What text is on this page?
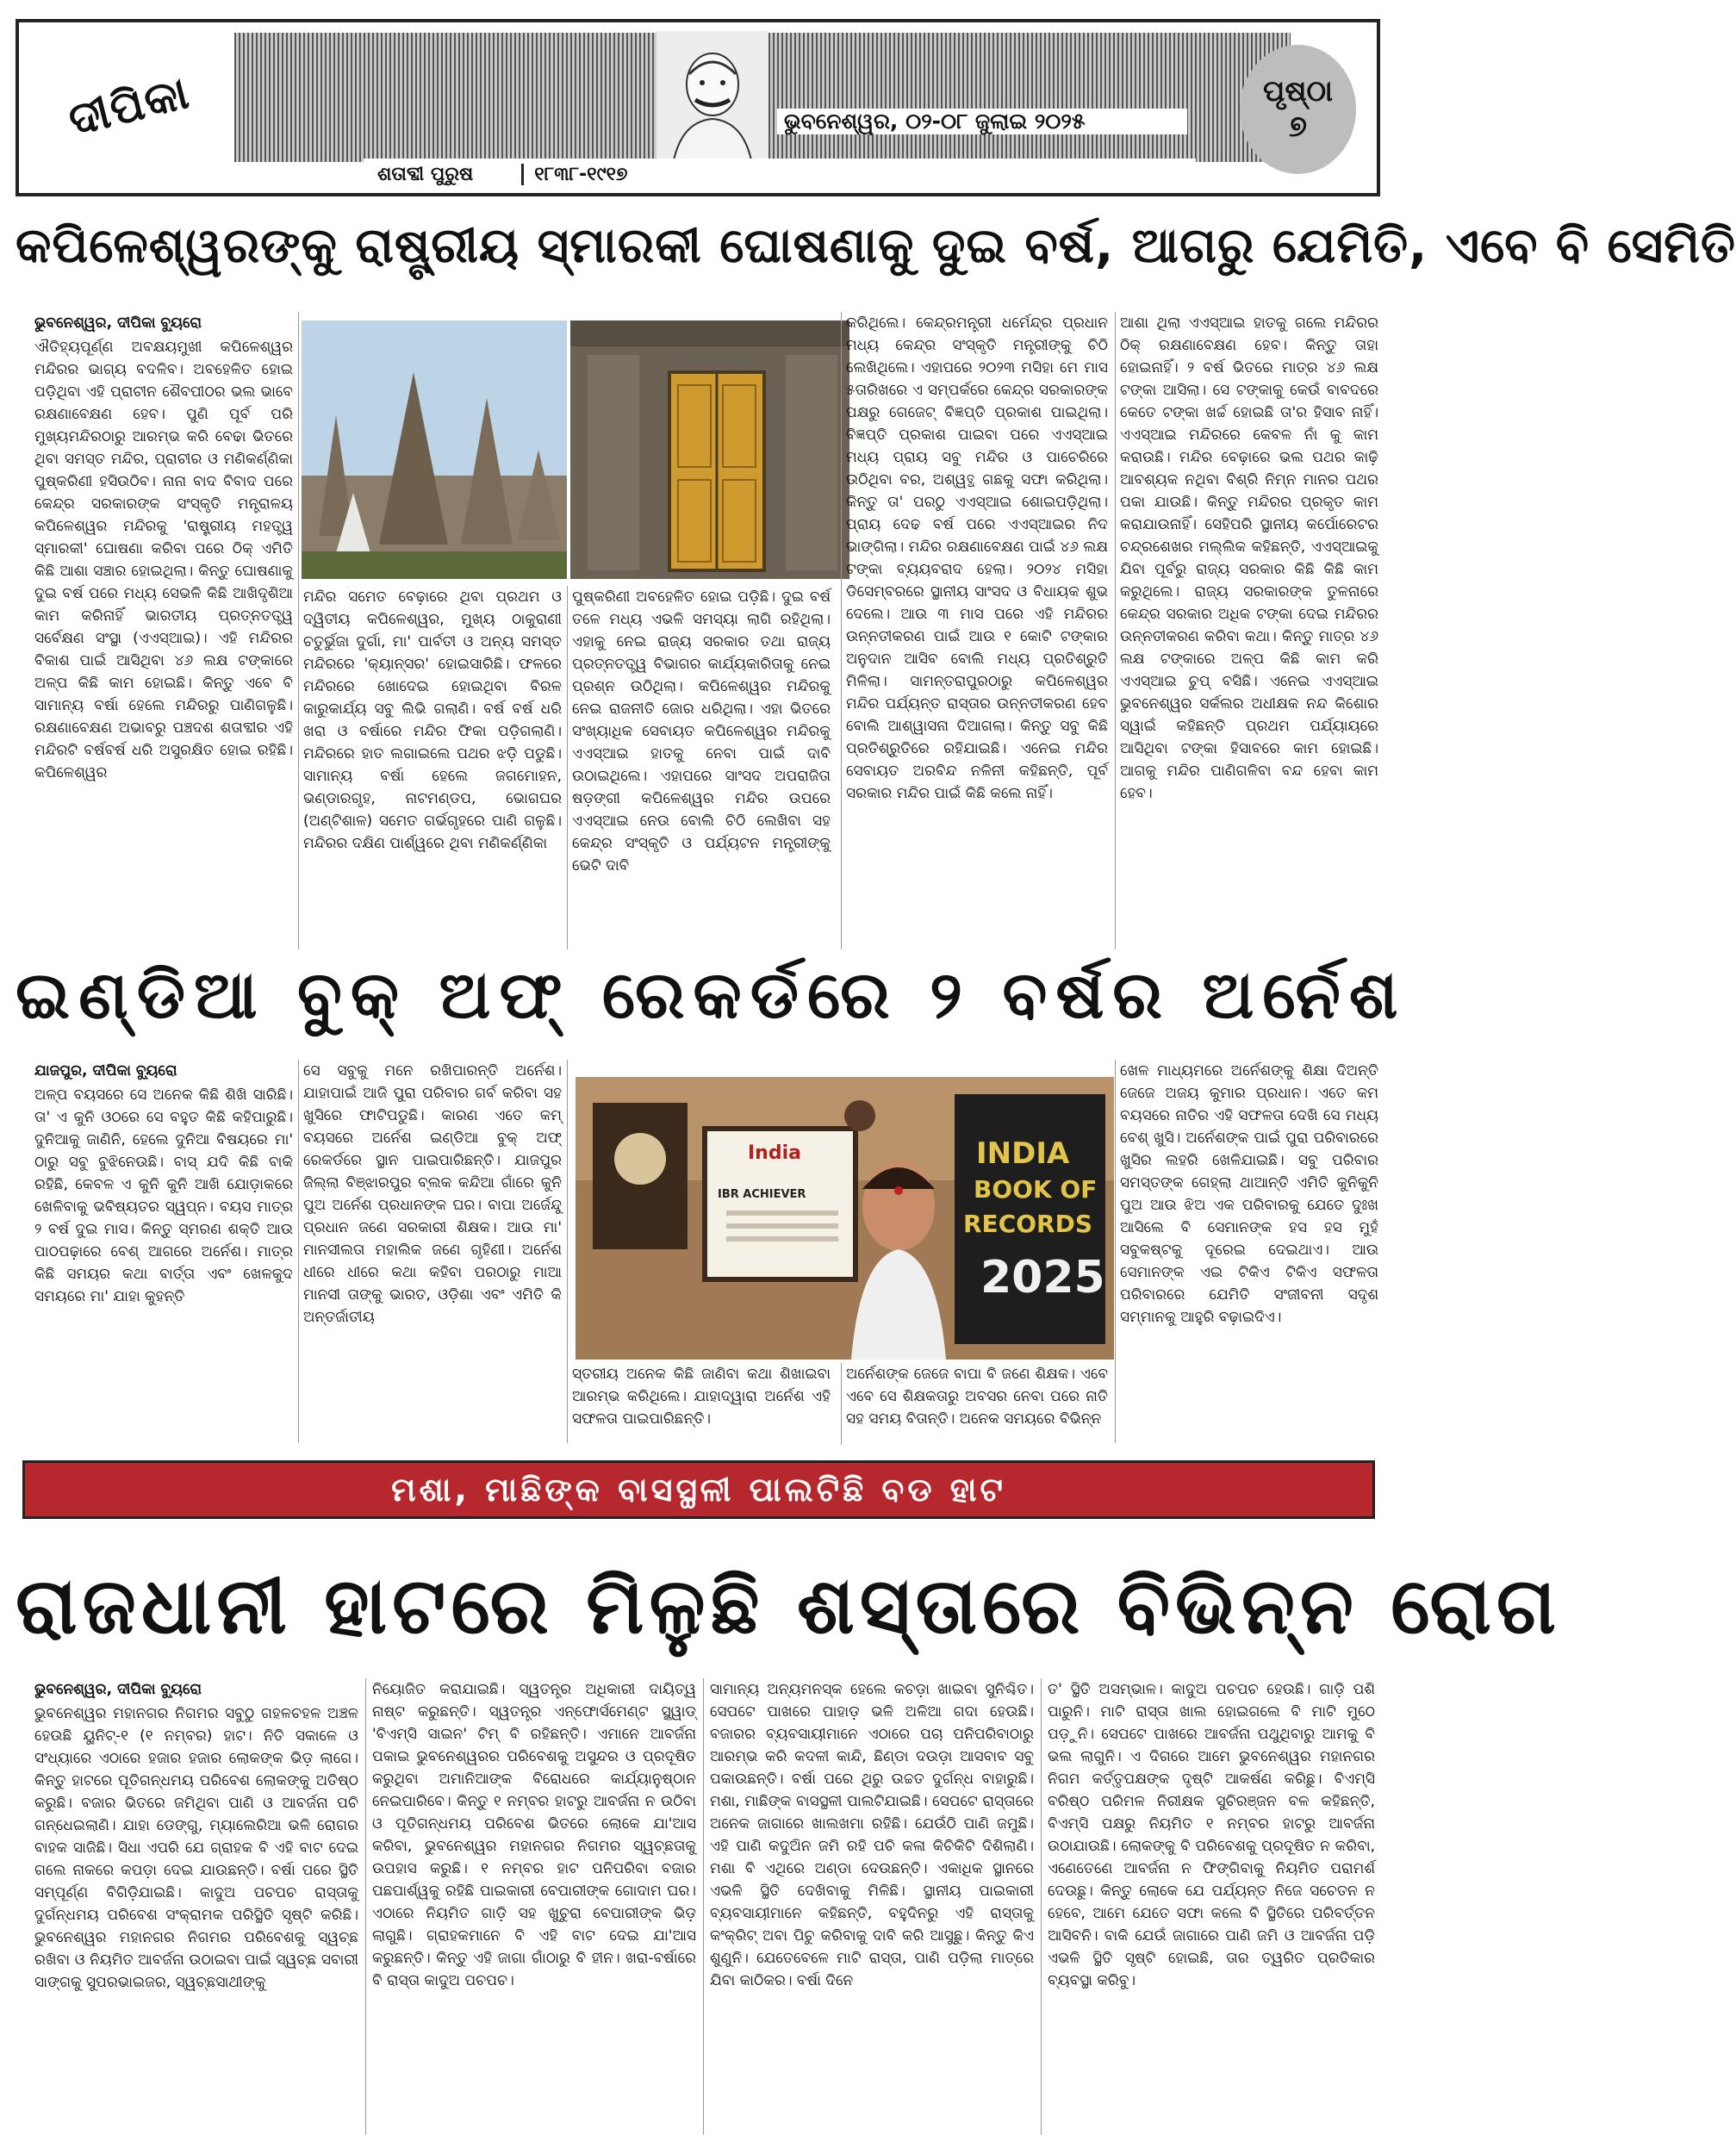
ଦୀପିକା	ଭୁବନେଶ୍ୱର, ୦୨-୦୮ ଜୁଲାଇ ୨୦୨୫
ଶତାବ୍ଦୀ ପୁରୁଷ	୧୮୩୮-୧୯୧୭
ପୃଷ୍ଠା
୭
କପିଳେଶ୍ୱରଙ୍କୁ ରାଷ୍ଟ୍ରୀୟ ସ୍ମାରକୀ ଘୋଷଣାକୁ ଦୁଇ ବର୍ଷ, ଆଗରୁ ଯେମିତି, ଏବେ ବି ସେମିତି

ଭୁବନେଶ୍ୱର, ଦୀପିକା ବ୍ୟୁରୋ

ଐତିହ୍ୟପୂର୍ଣ୍ଣ ଅବକ୍ଷୟମୁଖୀ କପିଳେଶ୍ୱର ମନ୍ଦିରର ଭାଗ୍ୟ ବଦଳିବ। ଅବହେଳିତ ହୋଇ ପଡ଼ିଥିବା ଏହି ପ୍ରାଚୀନ ଶୈବପୀଠର ଭଲ ଭାବେ ରକ୍ଷଣାବେକ୍ଷଣ ହେବ। ପୁଣି ପୂର୍ବ ପରି ମୁଖ୍ୟମନ୍ଦିରଠାରୁ ଆରମ୍ଭ କରି ବେଢା ଭିତରେ ଥିବା ସମସ୍ତ ମନ୍ଦିର, ପ୍ରାଚୀର ଓ ମଣିକର୍ଣ୍ଣିକା ପୁଷ୍କରିଣୀ ହସିଉଠିବ। ନାନା ବାଦ ବିବାଦ ପରେ କେନ୍ଦ୍ର ସରକାରଙ୍କ ସଂସ୍କୃତି ମନ୍ତ୍ରାଳୟ କପିଳେଶ୍ୱର ମନ୍ଦିରକୁ 'ରାଷ୍ଟ୍ରୀୟ ମହତ୍ତ୍ୱ ସ୍ମାରକୀ' ଘୋଷଣା କରିବା ପରେ ଠିକ୍ ଏମିତି କିଛି ଆଶା ସଞ୍ଚାର ହୋଇଥିଲା। କିନ୍ତୁ ଘୋଷଣାକୁ ଦୁଇ ବର୍ଷ ପରେ ମଧ୍ୟ ସେଭଳି କିଛି ଆଖିଦୃଶିଆ କାମ କରିନାହିଁ ଭାରତୀୟ ପ୍ରତ୍ନତତ୍ତ୍ୱ ସର୍ବେକ୍ଷଣ ସଂସ୍ଥା (ଏଏସ୍ଆଇ)। ଏହି ମନ୍ଦିରର ବିକାଶ ପାଇଁ ଆସିଥିବା ୪୬ ଲକ୍ଷ ଟଙ୍କାରେ ଅଳ୍ପ କିଛି କାମ ହୋଇଛି। କିନ୍ତୁ ଏବେ ବି ସାମାନ୍ୟ ବର୍ଷା ହେଲେ ମନ୍ଦିରରୁ ପାଣିଗଳୁଛି। ରକ୍ଷଣାବେକ୍ଷଣ ଅଭାବରୁ ପଞ୍ଚଦଶ ଶତାବ୍ଦୀର ଏହି ମନ୍ଦିରଟି ବର୍ଷବର୍ଷ ଧରି ଅସୁରକ୍ଷିତ ହୋଇ ରହିଛି। କପିଳେଶ୍ୱର

ମନ୍ଦିର ସମେତ ବେଢ଼ାରେ ଥିବା ପ୍ରଥମ ଓ ଦ୍ୱିତୀୟ କପିଳେଶ୍ୱର, ମୁଖ୍ୟ ଠାକୁରାଣୀ ଚତୁର୍ଭୁଜା ଦୁର୍ଗା, ମା' ପାର୍ବତୀ ଓ ଅନ୍ୟ ସମସ୍ତ ମନ୍ଦିରରେ 'କ୍ୟାନ୍ସର' ହୋଇସାରିଛି। ଫଳରେ ମନ୍ଦିରରେ ଖୋଦେଇ ହୋଇଥିବା ବିରଳ କାରୁକାର୍ଯ୍ୟ ସବୁ ଲିଭି ଗଲାଣି। ବର୍ଷ ବର୍ଷ ଧରି ଖରା ଓ ବର୍ଷାରେ ମନ୍ଦିର ଫିକା ପଡ଼ିଗଲାଣି। ମନ୍ଦିରରେ ହାତ ଲଗାଇଲେ ପଥର ଝଡ଼ି ପଡୁଛି। ସାମାନ୍ୟ ବର୍ଷା ହେଲେ ଜଗମୋହନ, ଭଣ୍ଡାରଗୃହ, ନାଟମଣ୍ଡପ, ଭୋଗଘର (ଅଣ୍ଟିଶାଳ) ସମେତ ଗର୍ଭଗୃହରେ ପାଣି ଗଳୁଛି। ମନ୍ଦିରର ଦକ୍ଷିଣ ପାର୍ଶ୍ୱରେ ଥିବା ମଣିକର୍ଣ୍ଣିକା

ପୁଷ୍କରିଣୀ ଅବହେଳିତ ହୋଇ ପଡ଼ିଛି। ଦୁଇ ବର୍ଷ ତଳେ ମଧ୍ୟ ଏଭଳି ସମସ୍ୟା ଲାଗି ରହିଥିଲା। ଏହାକୁ ନେଇ ରାଜ୍ୟ ସରକାର ତଥା ରାଜ୍ୟ ପ୍ରତ୍ନତତ୍ତ୍ୱ ବିଭାଗର କାର୍ଯ୍ୟକାରିତାକୁ ନେଇ ପ୍ରଶ୍ନ ଉଠିଥିଲା। କପିଳେଶ୍ୱର ମନ୍ଦିରକୁ ନେଇ ରାଜନୀତି ଜୋର ଧରିଥିଲା। ଏହା ଭିତରେ ସଂଖ୍ୟାଧିକ ସେବାୟତ କପିଳେଶ୍ୱର ମନ୍ଦିରକୁ ଏଏସ୍ଆଇ ହାତକୁ ନେବା ପାଇଁ ଦାବି ଉଠାଇଥିଲେ। ଏହାପରେ ସାଂସଦ ଅପରାଜିତା ଷଡ଼ଙ୍ଗୀ କପିଳେଶ୍ୱର ମନ୍ଦିର ଉପରେ ଏଏସ୍ଆଇ ନେଉ ବୋଲି ଚିଠି ଲେଖିବା ସହ କେନ୍ଦ୍ର ସଂସ୍କୃତି ଓ ପର୍ଯ୍ୟଟନ ମନ୍ତ୍ରୀଙ୍କୁ ଭେଟି ଦାବି

କରିଥିଲେ। କେନ୍ଦ୍ରମନ୍ତ୍ରୀ ଧର୍ମେନ୍ଦ୍ର ପ୍ରଧାନ ମଧ୍ୟ କେନ୍ଦ୍ର ସଂସ୍କୃତି ମନ୍ତ୍ରୀଙ୍କୁ ଚିଠି ଲେଖିଥିଲେ। ଏହାପରେ ୨୦୨୩ ମସିହା ମେ ମାସ ୫ତାରିଖରେ ଏ ସମ୍ପର୍କରେ କେନ୍ଦ୍ର ସରକାରଙ୍କ ପକ୍ଷରୁ ଗେଜେଟ୍ ବିଜ୍ଞପ୍ତି ପ୍ରକାଶ ପାଇଥିଲା। ବିଜ୍ଞପ୍ତି ପ୍ରକାଶ ପାଇବା ପରେ ଏଏସ୍ଆଇ ମଧ୍ୟ ପ୍ରାୟ ସବୁ ମନ୍ଦିର ଓ ପାଚେରିରେ ଉଠିଥିବା ବର, ଅଶ୍ୱତ୍ଥ ଗଛକୁ ସଫା କରିଥିଲା। କିନ୍ତୁ ତା' ପରଠୁ ଏଏସ୍ଆଇ ଶୋଇପଡ଼ିଥିଲା। ପ୍ରାୟ ଦେଢ ବର୍ଷ ପରେ ଏଏସ୍ଆଇର ନିଦ ଭାଙ୍ଗିଲା। ମନ୍ଦିର ରକ୍ଷଣାବେକ୍ଷଣ ପାଇଁ ୪୬ ଲକ୍ଷ ଟଙ୍କା ବ୍ୟୟବରାଦ ହେଲା। ୨୦୨୪ ମସିହା ଡିସେମ୍ବରରେ ସ୍ଥାନୀୟ ସାଂସଦ ଓ ବିଧାୟକ ଶୁଭ ଦେଲେ। ଆଉ ୩ ମାସ ପରେ ଏହି ମନ୍ଦିରର ଉନ୍ନତୀକରଣ ପାଇଁ ଆଉ ୧ କୋଟି ଟଙ୍କାର ଅନୁଦାନ ଆସିବ ବୋଲି ମଧ୍ୟ ପ୍ରତିଶ୍ରୁତି ମିଳିଲା। ସାମନ୍ତରାପୁରଠାରୁ କପିଳେଶ୍ୱର ମନ୍ଦିର ପର୍ଯ୍ୟନ୍ତ ରାସ୍ତାର ଉନ୍ନତୀକରଣ ହେବ ବୋଲି ଆଶ୍ୱାସନା ଦିଆଗଲା। କିନ୍ତୁ ସବୁ କିଛି ପ୍ରତିଶ୍ରୁତିରେ ରହିଯାଇଛି। ଏନେଇ ମନ୍ଦିର ସେବାୟତ ଅରବିନ୍ଦ ନଳିନୀ କହିଛନ୍ତି, ପୂର୍ବ ସରକାର ମନ୍ଦିର ପାଇଁ କିଛି କଲେ ନାହିଁ।

ଆଶା ଥିଲା ଏଏସ୍ଆଇ ହାତକୁ ଗଲେ ମନ୍ଦିରର ଠିକ୍ ରକ୍ଷଣାବେକ୍ଷଣ ହେବ। କିନ୍ତୁ ତାହା ହୋଇନାହିଁ। ୨ ବର୍ଷ ଭିତରେ ମାତ୍ର ୪୬ ଲକ୍ଷ ଟଙ୍କା ଆସିଲା। ସେ ଟଙ୍କାକୁ କେଉଁ ବାବଦରେ କେତେ ଟଙ୍କା ଖର୍ଚ୍ଚ ହୋଇଛି ତା'ର ହିସାବ ନାହିଁ। ଏଏସ୍ଆଇ ମନ୍ଦିରରେ କେବଳ ନାଁ କୁ କାମ କରାଉଛି। ମନ୍ଦିର ବେଢ଼ାରେ ଭଲ ପଥର କାଢ଼ି ଆବଶ୍ୟକ ନଥିବା ବିଶ୍ରି ନିମ୍ନ ମାନର ପଥର ପକା ଯାଉଛି। କିନ୍ତୁ ମନ୍ଦିରର ପ୍ରକୃତ କାମ କରାଯାଉନାହିଁ। ସେହିପରି ସ୍ଥାନୀୟ କର୍ପୋରେଟର ଚନ୍ଦ୍ରଶେଖର ମଲ୍ଲିକ କହିଛନ୍ତି, ଏଏସ୍ଆଇକୁ ଯିବା ପୂର୍ବରୁ ରାଜ୍ୟ ସରକାର କିଛି କିଛି କାମ କରୁଥିଲେ। ରାଜ୍ୟ ସରକାରଙ୍କ ତୁଳନାରେ କେନ୍ଦ୍ର ସରକାର ଅଧିକ ଟଙ୍କା ଦେଇ ମନ୍ଦିରର ଉନ୍ନତୀକରଣ କରିବା କଥା। କିନ୍ତୁ ମାତ୍ର ୪୬ ଲକ୍ଷ ଟଙ୍କାରେ ଅଳ୍ପ କିଛି କାମ କରି ଏଏସ୍ଆଇ ଚୁପ୍ ବସିଛି। ଏନେଇ ଏଏସ୍ଆଇ ଭୁବନେଶ୍ୱର ସର୍କଲର ଅଧୀକ୍ଷକ ନନ୍ଦ କିଶୋର ସ୍ୱାଇଁ କହିଛନ୍ତି ପ୍ରଥମ ପର୍ଯ୍ୟାୟରେ ଆସିଥିବା ଟଙ୍କା ହିସାବରେ କାମ ହୋଇଛି। ଆଗକୁ ମନ୍ଦିର ପାଣିଗଳିବା ବନ୍ଦ ହେବା କାମ ହେବ।

ଇଣ୍ଡିଆ ବୁକ୍ ଅଫ୍ ରେକର୍ଡରେ ୨ ବର୍ଷର ଅର୍ନେଶ

ଯାଜପୁର, ଦୀପିକା ବ୍ୟୁରୋ

ଅଳ୍ପ ବୟସରେ ସେ ଅନେକ କିଛି ଶିଖି ସାରିଛି। ତା' ଏ କୁନି ଓଠରେ ସେ ବହୁତ କିଛି କହିପାରୁଛି। ଦୁନିଆକୁ ଜାଣିନି, ହେଲେ ଦୁନିଆ ବିଷୟରେ ମା' ଠାରୁ ସବୁ ବୁଝିନେଉଛି। ବାସ୍ ଯଦି କିଛି ବାକି ରହିଛି, କେବଳ ଏ କୁନି କୁନି ଆଖି ଯୋଡ଼ାକରେ ଖେଳିବାକୁ ଭବିଷ୍ୟତର ସ୍ୱପ୍ନ। ବୟସ ମାତ୍ର ୨ ବର୍ଷ ଦୁଇ ମାସ। କିନ୍ତୁ ସ୍ମରଣ ଶକ୍ତି ଆଉ ପାଠପଢ଼ାରେ ବେଶ୍ ଆଗରେ ଅର୍ନେଶ। ମାତ୍ର କିଛି ସମୟର କଥା ବାର୍ତ୍ତା ଏବଂ ଖେଳକୁଦ ସମୟରେ ମା' ଯାହା କୁହନ୍ତି

ସେ ସବୁକୁ ମନେ ରଖିପାରନ୍ତି ଅର୍ନେଶ। ଯାହାପାଇଁ ଆଜି ପୁରା ପରିବାର ଗର୍ବ କରିବା ସହ ଖୁସିରେ ଫାଟିପଡୁଛି। କାରଣ ଏତେ କମ୍ ବୟସରେ ଅର୍ନେଶ ଇଣ୍ଡିଆ ବୁକ୍ ଅଫ୍ ରେକର୍ଡରେ ସ୍ଥାନ ପାଇପାରିଛନ୍ତି। ଯାଜପୁର ଜିଲ୍ଲା ବିଞ୍ଝାରପୁର ବ୍ଲକ କନ୍ଦିଆ ଗାଁରେ କୁନି ପୁଅ ଅର୍ନେଶ ପ୍ରଧାନଙ୍କ ଘର। ବାପା ଅର୍ଜେନ୍ଦୁ ପ୍ରଧାନ ଜଣେ ସରକାରୀ ଶିକ୍ଷକ। ଆଉ ମା' ମାନସୀଲତା ମହାଲିକ ଜଣେ ଗୃହିଣୀ। ଅର୍ନେଶ ଧୀରେ ଧୀରେ କଥା କହିବା ପରଠାରୁ ମାଆ ମାନସୀ ତାଙ୍କୁ ଭାରତ, ଓଡ଼ିଶା ଏବଂ ଏମିତି କି ଅନ୍ତର୍ଜାତୀୟ

India
IBR ACHIEVER
INDIA
BOOK OF
RECORDS
2025

ସ୍ତରୀୟ ଅନେକ କିଛି ଜାଣିବା କଥା ଶିଖାଇବା ଆରମ୍ଭ କରିଥିଲେ। ଯାହାଦ୍ୱାରା ଅର୍ନେଶ ଏହି ସଫଳତା ପାଇପାରିଛନ୍ତି।

ଅର୍ନେଶଙ୍କ ଜେଜେ ବାପା ବି ଜଣେ ଶିକ୍ଷକ। ଏବେ ଏବେ ସେ ଶିକ୍ଷକତାରୁ ଅବସର ନେବା ପରେ ନାତି ସହ ସମୟ ବିତାନ୍ତି। ଅନେକ ସମୟରେ ବିଭିନ୍ନ

ଖେଳ ମାଧ୍ୟମରେ ଅର୍ନେଶଙ୍କୁ ଶିକ୍ଷା ଦିଅନ୍ତି ଜେଜେ ଅଜୟ କୁମାର ପ୍ରଧାନ। ଏତେ କମ ବୟସରେ ନାତିର ଏହି ସଫଳତା ଦେଖି ସେ ମଧ୍ୟ ବେଶ୍ ଖୁସି। ଅର୍ନେଶଙ୍କ ପାଇଁ ପୁରା ପରିବାରରେ ଖୁସିର ଲହରି ଖେଳିଯାଇଛି। ସବୁ ପରିବାର ସମସ୍ତଙ୍କ ଗେହ୍ଲା ଥାଆନ୍ତି ଏମିତି କୁନିକୁନି ପୁଅ ଆଉ ଝିଅ ଏକ ପରିବାରକୁ ଯେତେ ଦୁଃଖ ଆସିଲେ ବି ସେମାନଙ୍କ ହସ ହସ ମୁହଁ ସବୁକଷ୍ଟକୁ ଦୂରେଇ ଦେଇଥାଏ। ଆଉ ସେମାନଙ୍କ ଏଇ ଟିକିଏ ଟିକିଏ ସଫଳତା ପରିବାରରେ ଯେମିତି ସଂଜୀବନୀ ସଦୃଶ ସମ୍ମାନକୁ ଆହୁରି ବଢ଼ାଇଦିଏ।

ମଶା, ମାଛିଙ୍କ ବାସସ୍ଥଳୀ ପାଲଟିଛି ବଡ ହାଟ
ରାଜଧାନୀ ହାଟରେ ମିଳୁଛି ଶସ୍ତାରେ ବିଭିନ୍ନ ରୋଗ

ଭୁବନେଶ୍ୱର, ଦୀପିକା ବ୍ୟୁରୋ

ଭୁବନେଶ୍ୱର ମହାନଗର ନିଗମର ସବୁଠୁ ଗହଳଚହଳ ଅଞ୍ଚଳ ହେଉଛି ୟୁନିଟ୍-୧ (୧ ନମ୍ବର) ହାଟ। ନିତି ସକାଳେ ଓ ସଂଧ୍ୟାରେ ଏଠାରେ ହଜାର ହଜାର ଲୋକଙ୍କ ଭିଡ଼ ଲାଗେ। କିନ୍ତୁ ହାଟରେ ପୂତିଗନ୍ଧମୟ ପରିବେଶ ଲୋକଙ୍କୁ ଅତିଷ୍ଠ କରୁଛି। ବଜାର ଭିତରେ ଜମିଥିବା ପାଣି ଓ ଆବର୍ଜନା ପଚି ଗନ୍ଧେଇଲାଣି। ଯାହା ଡେଙ୍ଗୁ, ମ୍ୟାଲେରିଆ ଭଳି ରୋଗର ବାହକ ସାଜିଛି। ସିଧା ଏପରି ଯେ ଗ୍ରାହକ ବି ଏହି ବାଟ ଦେଇ ଗଲେ ନାକରେ କପଡ଼ା ଦେଇ ଯାଉଛନ୍ତି। ବର୍ଷା ପରେ ସ୍ଥିତି ସମ୍ପୂର୍ଣ୍ଣ ବିଗିଡ଼ିଯାଇଛି। କାଦୁଅ ପଚପଚ ରାସ୍ତାକୁ ଦୁର୍ଗନ୍ଧମୟ ପରିବେଶ ସଂକ୍ରାମକ ପରିସ୍ଥିତି ସୃଷ୍ଟି କରିଛି। ଭୁବନେଶ୍ୱର ମହାନଗର ନିଗମର ପରିବେଶକୁ ସ୍ୱଚ୍ଛ ରଖିବା ଓ ନିୟମିତ ଆବର୍ଜନା ଉଠାଇବା ପାଇଁ ସ୍ୱଚ୍ଛ ସବାରୀ ସାଙ୍ଗକୁ ସୁପରଭାଇଜର, ସ୍ୱଚ୍ଛସାଥୀଙ୍କୁ

ନିୟୋଜିତ କରାଯାଇଛି। ସ୍ୱତନ୍ତ୍ର ଅଧିକାରୀ ଦାୟିତ୍ୱ ନାଷ୍ଟ କରୁଛନ୍ତି। ସ୍ୱତନ୍ତ୍ର ଏନ୍ଫୋର୍ସମେଣ୍ଟ ସ୍କ୍ୱାଡ୍ 'ବିଏମ୍ସି ସାଇନ' ଟିମ୍ ବି ରହିଛନ୍ତି। ଏମାନେ ଆବର୍ଜନା ପକାଇ ଭୁବନେଶ୍ୱରର ପରିବେଶକୁ ଅସୁନ୍ଦର ଓ ପ୍ରଦୂଷିତ କରୁଥିବା ଅମାନିଆଙ୍କ ବିରୋଧରେ କାର୍ଯ୍ୟାନୁଷ୍ଠାନ ନେଇପାରିବେ। କିନ୍ତୁ ୧ ନମ୍ବର ହାଟରୁ ଆବର୍ଜନା ନ ଉଠିବା ଓ ପୂତିଗନ୍ଧମୟ ପରିବେଶ ଭିତରେ ଲୋକେ ଯା'ଆସ କରିବା, ଭୁବନେଶ୍ୱର ମହାନଗର ନିଗମର ସ୍ୱଚ୍ଛତାକୁ ଉପହାସ କରୁଛି। ୧ ନମ୍ବର ହାଟ ପନିପରିବା ବଜାର ପଛପାର୍ଶ୍ୱକୁ ରହିଛି ପାଇକାରୀ ବେପାରୀଙ୍କ ଗୋଦାମ ଘର। ଏଠାରେ ନିୟମିତ ଗାଡ଼ି ସହ ଖୁଚୁରା ବେପାରୀଙ୍କ ଭିଡ଼ ଲାଗୁଛି। ଗ୍ରାହକମାନେ ବି ଏହି ବାଟ ଦେଇ ଯା'ଆସ କରୁଛନ୍ତି। କିନ୍ତୁ ଏହି ଜାଗା ଗାଁଠାରୁ ବି ହୀନ। ଖରା-ବର୍ଷାରେ ବି ରାସ୍ତା କାଦୁଅ ପଚପଚ।

ସାମାନ୍ୟ ଅନ୍ୟମନସ୍କ ହେଲେ କଚଡ଼ା ଖାଇବା ସୁନିଶ୍ଚିତ। ସେପଟେ ପାଖରେ ପାହାଡ଼ ଭଳି ଅଳିଆ ଗଦା ହେଉଛି। ବଜାରର ବ୍ୟବସାୟୀମାନେ ଏଠାରେ ପଚା ପନିପରିବାଠାରୁ ଆରମ୍ଭ କରି କଦଳୀ କାନ୍ଦି, ଛିଣ୍ଡା ଦଉଡ଼ା ଆସବାବ ସବୁ ପକାଉଛନ୍ତି। ବର୍ଷା ପରେ ଥିରୁ ଉଚ୍ଚତ ଦୁର୍ଗନ୍ଧ ବାହାରୁଛି। ମଶା, ମାଛିଙ୍କ ବାସସ୍ଥଳୀ ପାଲଟିଯାଇଛି। ସେପଟେ ରାସ୍ତାରେ ଅନେକ ଜାଗାରେ ଖାଲଖମା ରହିଛି। ଯେଉଁଠି ପାଣି ଜମୁଛି। ଏହି ପାଣି କଦୁଅିନ ଜମି ରହି ପଚି କଳା କିଚିକିଟି ଦିଶିଲାଣି। ମଶା ବି ଏଥିରେ ଅଣ୍ଡା ଦେଉଛନ୍ତି। ଏକାଧିକ ସ୍ଥାନରେ ଏଭଳି ସ୍ଥିତି ଦେଖିବାକୁ ମିଳିଛି। ସ୍ଥାନୀୟ ପାଇକାରୀ ବ୍ୟବସାୟୀମାନେ କହିଛନ୍ତି, ବହୁଦିନରୁ ଏହି ରାସ୍ତାକୁ କଂକ୍ରିଟ୍ ଅବା ପିଚୁ କରିବାକୁ ଦାବି କରି ଆସୁଛୁ। କିନ୍ତୁ କିଏ ଶୁଣୁନି। ଯେତେବେଳେ ମାଟି ରାସ୍ତା, ପାଣି ପଡ଼ିଲା ମାତ୍ରେ ଯିବା କାଠିକର। ବର୍ଷା ଦିନେ

ତ' ସ୍ଥିତି ଅସମ୍ଭାଳ। କାଦୁଅ ପଚପଚ ହେଉଛି। ଗାଡ଼ି ପଶି ପାରୁନି। ମାଟି ରାସ୍ତା ଖାଲ ହୋଇଗଲେ ବି ମାଟି ମୁଠେ ପଡ଼ୁନି। ସେପଟେ ପାଖରେ ଆବର୍ଜନା ପଥୁଥିବାରୁ ଆମକୁ ବି ଭଲ ଲାଗୁନି। ଏ ଦିଗରେ ଆମେ ଭୁବନେଶ୍ୱର ମହାନଗର ନିଗମ କର୍ତ୍ତୃପକ୍ଷଙ୍କ ଦୃଷ୍ଟି ଆକର୍ଷଣ କରିଛୁ। ବିଏମ୍ସି ବରିଷ୍ଠ ପରିମଳ ନିରୀକ୍ଷକ ସୁଚିରଞ୍ଜନ ବଳ କହିଛନ୍ତି, ବିଏମ୍ସି ପକ୍ଷରୁ ନିୟମିତ ୧ ନମ୍ବର ହାଟରୁ ଆବର୍ଜନା ଉଠାଯାଉଛି। ଲୋକଙ୍କୁ ବି ପରିବେଶକୁ ପ୍ରଦୂଷିତ ନ କରିବା, ଏଣେତେଣେ ଆବର୍ଜନା ନ ଫିଙ୍ଗିବାକୁ ନିୟମିତ ପରାମର୍ଶ ଦେଉଛୁ। କିନ୍ତୁ ଲୋକେ ଯେ ପର୍ଯ୍ୟନ୍ତ ନିଜେ ସଚେତନ ନ ହେବେ, ଆମେ ଯେତେ ସଫା କଲେ ବି ସ୍ଥିତିରେ ପରିବର୍ତ୍ତନ ଆସିବନି। ବାକି ଯେଉଁ ଜାଗାରେ ପାଣି ଜମି ଓ ଆବର୍ଜନା ପଡ଼ି ଏଭଳି ସ୍ଥିତି ସୃଷ୍ଟି ହୋଇଛି, ତାର ତ୍ୱରିତ ପ୍ରତିକାର ବ୍ୟବସ୍ଥା କରିବୁ।
